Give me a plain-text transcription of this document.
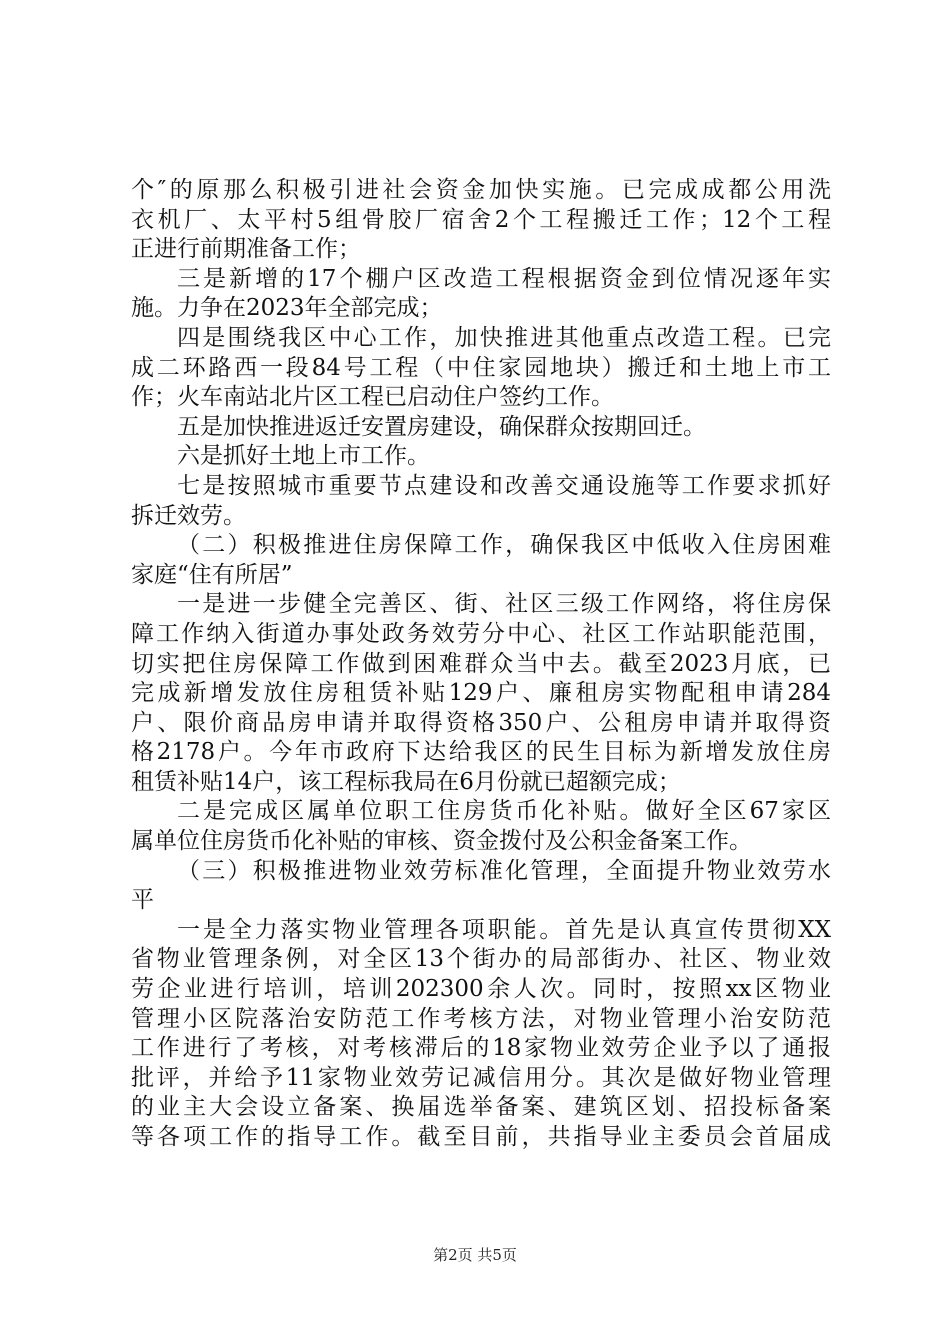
个″的原那么积极引进社会资金加快实施。已完成成都公用洗
衣机厂、太平村5组骨胶厂宿舍2个工程搬迁工作；12个工程
正进行前期准备工作；
三是新增的17个棚户区改造工程根据资金到位情况逐年实
施。力争在2023年全部完成；
四是围绕我区中心工作，加快推进其他重点改造工程。已完
成二环路西一段84号工程（中住家园地块）搬迁和土地上市工
作；火车南站北片区工程已启动住户签约工作。
五是加快推进返迁安置房建设，确保群众按期回迁。
六是抓好土地上市工作。
七是按照城市重要节点建设和改善交通设施等工作要求抓好
拆迁效劳。
（二）积极推进住房保障工作，确保我区中低收入住房困难
家庭“住有所居”
一是进一步健全完善区、街、社区三级工作网络，将住房保
障工作纳入街道办事处政务效劳分中心、社区工作站职能范围，
切实把住房保障工作做到困难群众当中去。截至2023月底，已
完成新增发放住房租赁补贴129户、廉租房实物配租申请284
户、限价商品房申请并取得资格350户、公租房申请并取得资
格2178户。今年市政府下达给我区的民生目标为新增发放住房
租赁补贴14户，该工程标我局在6月份就已超额完成；
二是完成区属单位职工住房货币化补贴。做好全区67家区
属单位住房货币化补贴的审核、资金拨付及公积金备案工作。
（三）积极推进物业效劳标准化管理，全面提升物业效劳水
平
一是全力落实物业管理各项职能。首先是认真宣传贯彻XX
省物业管理条例，对全区13个街办的局部街办、社区、物业效
劳企业进行培训，培训202300余人次。同时，按照xx区物业
管理小区院落治安防范工作考核方法，对物业管理小治安防范
工作进行了考核，对考核滞后的18家物业效劳企业予以了通报
批评，并给予11家物业效劳记减信用分。其次是做好物业管理
的业主大会设立备案、换届选举备案、建筑区划、招投标备案
等各项工作的指导工作。截至目前，共指导业主委员会首届成
第2页 共5页
